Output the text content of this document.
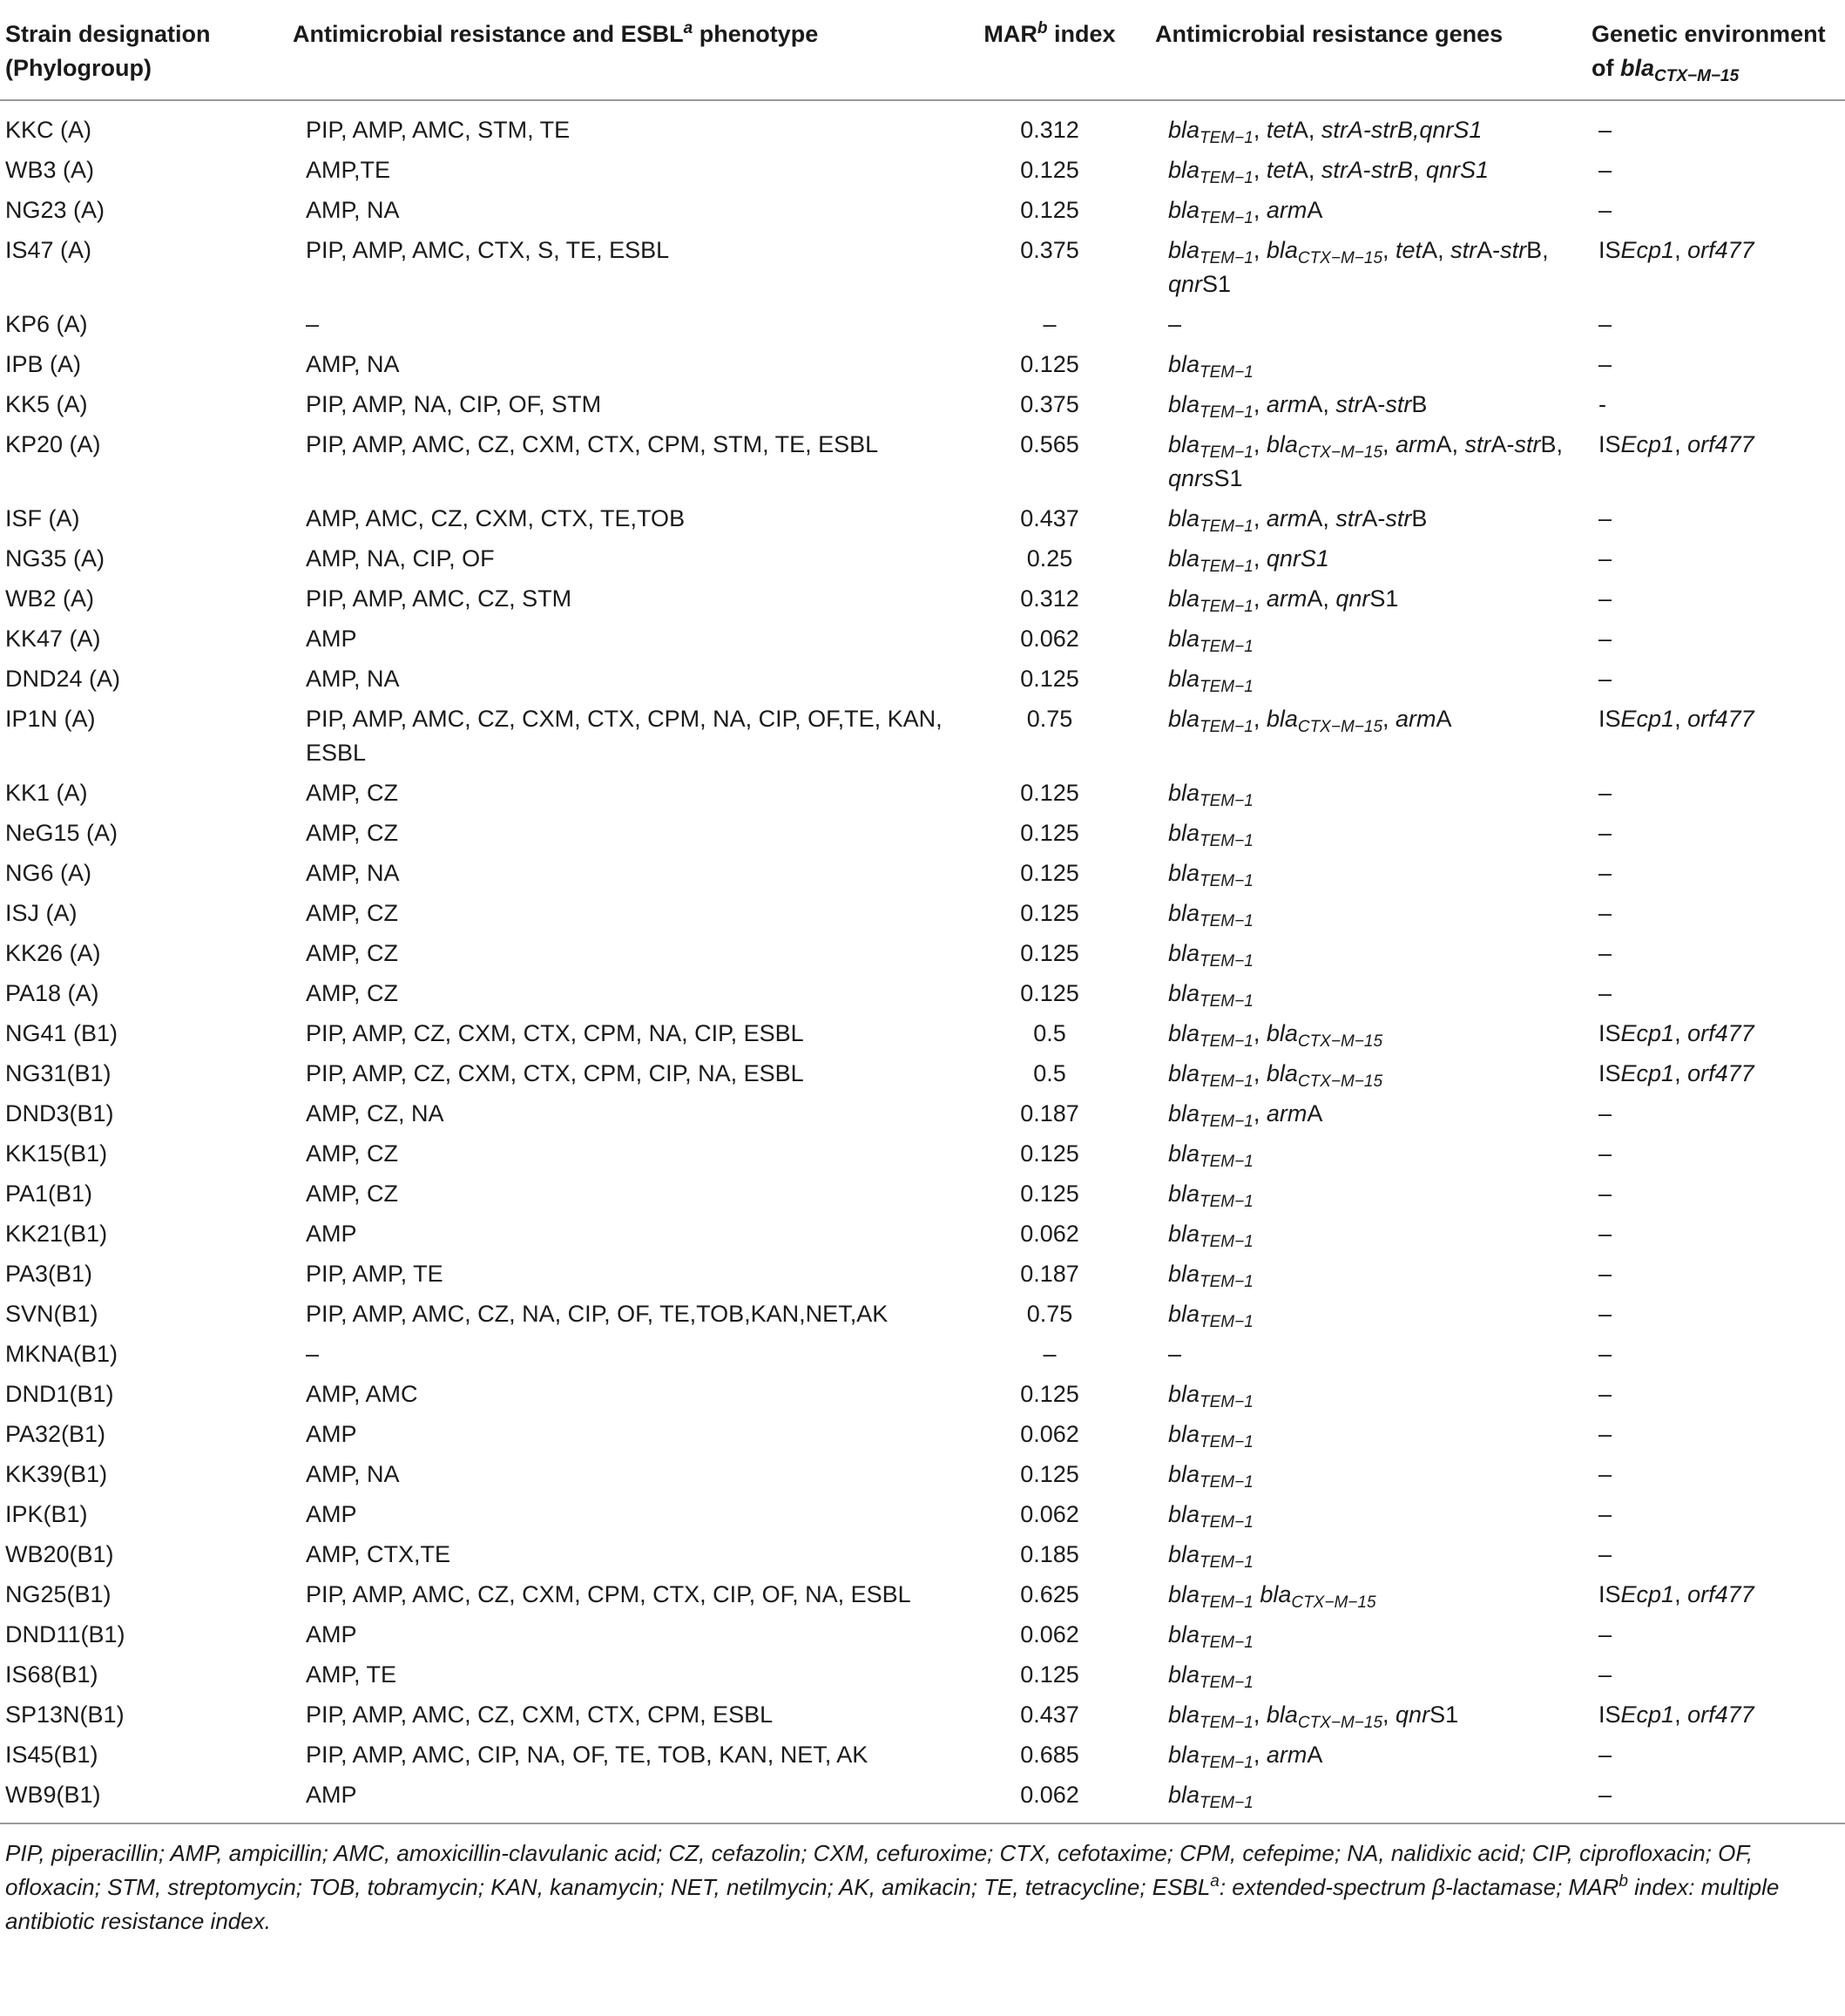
Strain designation (Phylogroup)	Antimicrobial resistance and ESBL$^a$ phenotype	MAR$^b$ index	Antimicrobial resistance genes	Genetic environment of bla$_{CTX-M-15}$
KKC (A)	PIP, AMP, AMC, STM, TE	0.312	bla$_{TEM-1}$, tetA, strA-strB,qnrS1	–
WB3 (A)	AMP,TE	0.125	bla$_{TEM-1}$, tetA, strA-strB, qnrS1	–
NG23 (A)	AMP, NA	0.125	bla$_{TEM-1}$, armA	–
IS47 (A)	PIP, AMP, AMC, CTX, S, TE, ESBL	0.375	bla$_{TEM-1}$, bla$_{CTX-M-15}$, tetA, strA-strB, qnrS1	ISEcp1, orf477
KP6 (A)	–	–	–	–
IPB (A)	AMP, NA	0.125	bla$_{TEM-1}$	–
KK5 (A)	PIP, AMP, NA, CIP, OF, STM	0.375	bla$_{TEM-1}$, armA, strA-strB	-
KP20 (A)	PIP, AMP, AMC, CZ, CXM, CTX, CPM, STM, TE, ESBL	0.565	bla$_{TEM-1}$, bla$_{CTX-M-15}$, armA, strA-strB, qnrsS1	ISEcp1, orf477
ISF (A)	AMP, AMC, CZ, CXM, CTX, TE,TOB	0.437	bla$_{TEM-1}$, armA, strA-strB	–
NG35 (A)	AMP, NA, CIP, OF	0.25	bla$_{TEM-1}$, qnrS1	–
WB2 (A)	PIP, AMP, AMC, CZ, STM	0.312	bla$_{TEM-1}$, armA, qnrS1	–
KK47 (A)	AMP	0.062	bla$_{TEM-1}$	–
DND24 (A)	AMP, NA	0.125	bla$_{TEM-1}$	–
IP1N (A)	PIP, AMP, AMC, CZ, CXM, CTX, CPM, NA, CIP, OF,TE, KAN, ESBL	0.75	bla$_{TEM-1}$, bla$_{CTX-M-15}$, armA	ISEcp1, orf477
KK1 (A)	AMP, CZ	0.125	bla$_{TEM-1}$	–
NeG15 (A)	AMP, CZ	0.125	bla$_{TEM-1}$	–
NG6 (A)	AMP, NA	0.125	bla$_{TEM-1}$	–
ISJ (A)	AMP, CZ	0.125	bla$_{TEM-1}$	–
KK26 (A)	AMP, CZ	0.125	bla$_{TEM-1}$	–
PA18 (A)	AMP, CZ	0.125	bla$_{TEM-1}$	–
NG41 (B1)	PIP, AMP, CZ, CXM, CTX, CPM, NA, CIP, ESBL	0.5	bla$_{TEM-1}$, bla$_{CTX-M-15}$	ISEcp1, orf477
NG31(B1)	PIP, AMP, CZ, CXM, CTX, CPM, CIP, NA, ESBL	0.5	bla$_{TEM-1}$, bla$_{CTX-M-15}$	ISEcp1, orf477
DND3(B1)	AMP, CZ, NA	0.187	bla$_{TEM-1}$, armA	–
KK15(B1)	AMP, CZ	0.125	bla$_{TEM-1}$	–
PA1(B1)	AMP, CZ	0.125	bla$_{TEM-1}$	–
KK21(B1)	AMP	0.062	bla$_{TEM-1}$	–
PA3(B1)	PIP, AMP, TE	0.187	bla$_{TEM-1}$	–
SVN(B1)	PIP, AMP, AMC, CZ, NA, CIP, OF, TE,TOB,KAN,NET,AK	0.75	bla$_{TEM-1}$	–
MKNA(B1)	–	–	–	–
DND1(B1)	AMP, AMC	0.125	bla$_{TEM-1}$	–
PA32(B1)	AMP	0.062	bla$_{TEM-1}$	–
KK39(B1)	AMP, NA	0.125	bla$_{TEM-1}$	–
IPK(B1)	AMP	0.062	bla$_{TEM-1}$	–
WB20(B1)	AMP, CTX,TE	0.185	bla$_{TEM-1}$	–
NG25(B1)	PIP, AMP, AMC, CZ, CXM, CPM, CTX, CIP, OF, NA, ESBL	0.625	bla$_{TEM-1}$ bla$_{CTX-M-15}$	ISEcp1, orf477
DND11(B1)	AMP	0.062	bla$_{TEM-1}$	–
IS68(B1)	AMP, TE	0.125	bla$_{TEM-1}$	–
SP13N(B1)	PIP, AMP, AMC, CZ, CXM, CTX, CPM, ESBL	0.437	bla$_{TEM-1}$, bla$_{CTX-M-15}$, qnrS1	ISEcp1, orf477
IS45(B1)	PIP, AMP, AMC, CIP, NA, OF, TE, TOB, KAN, NET, AK	0.685	bla$_{TEM-1}$, armA	–
WB9(B1)	AMP	0.062	bla$_{TEM-1}$	–
PIP, piperacillin; AMP, ampicillin; AMC, amoxicillin-clavulanic acid; CZ, cefazolin; CXM, cefuroxime; CTX, cefotaxime; CPM, cefepime; NA, nalidixic acid; CIP, ciprofloxacin; OF, ofloxacin; STM, streptomycin; TOB, tobramycin; KAN, kanamycin; NET, netilmycin; AK, amikacin; TE, tetracycline; ESBL$^a$: extended-spectrum β-lactamase; MAR$^b$ index: multiple antibiotic resistance index.
